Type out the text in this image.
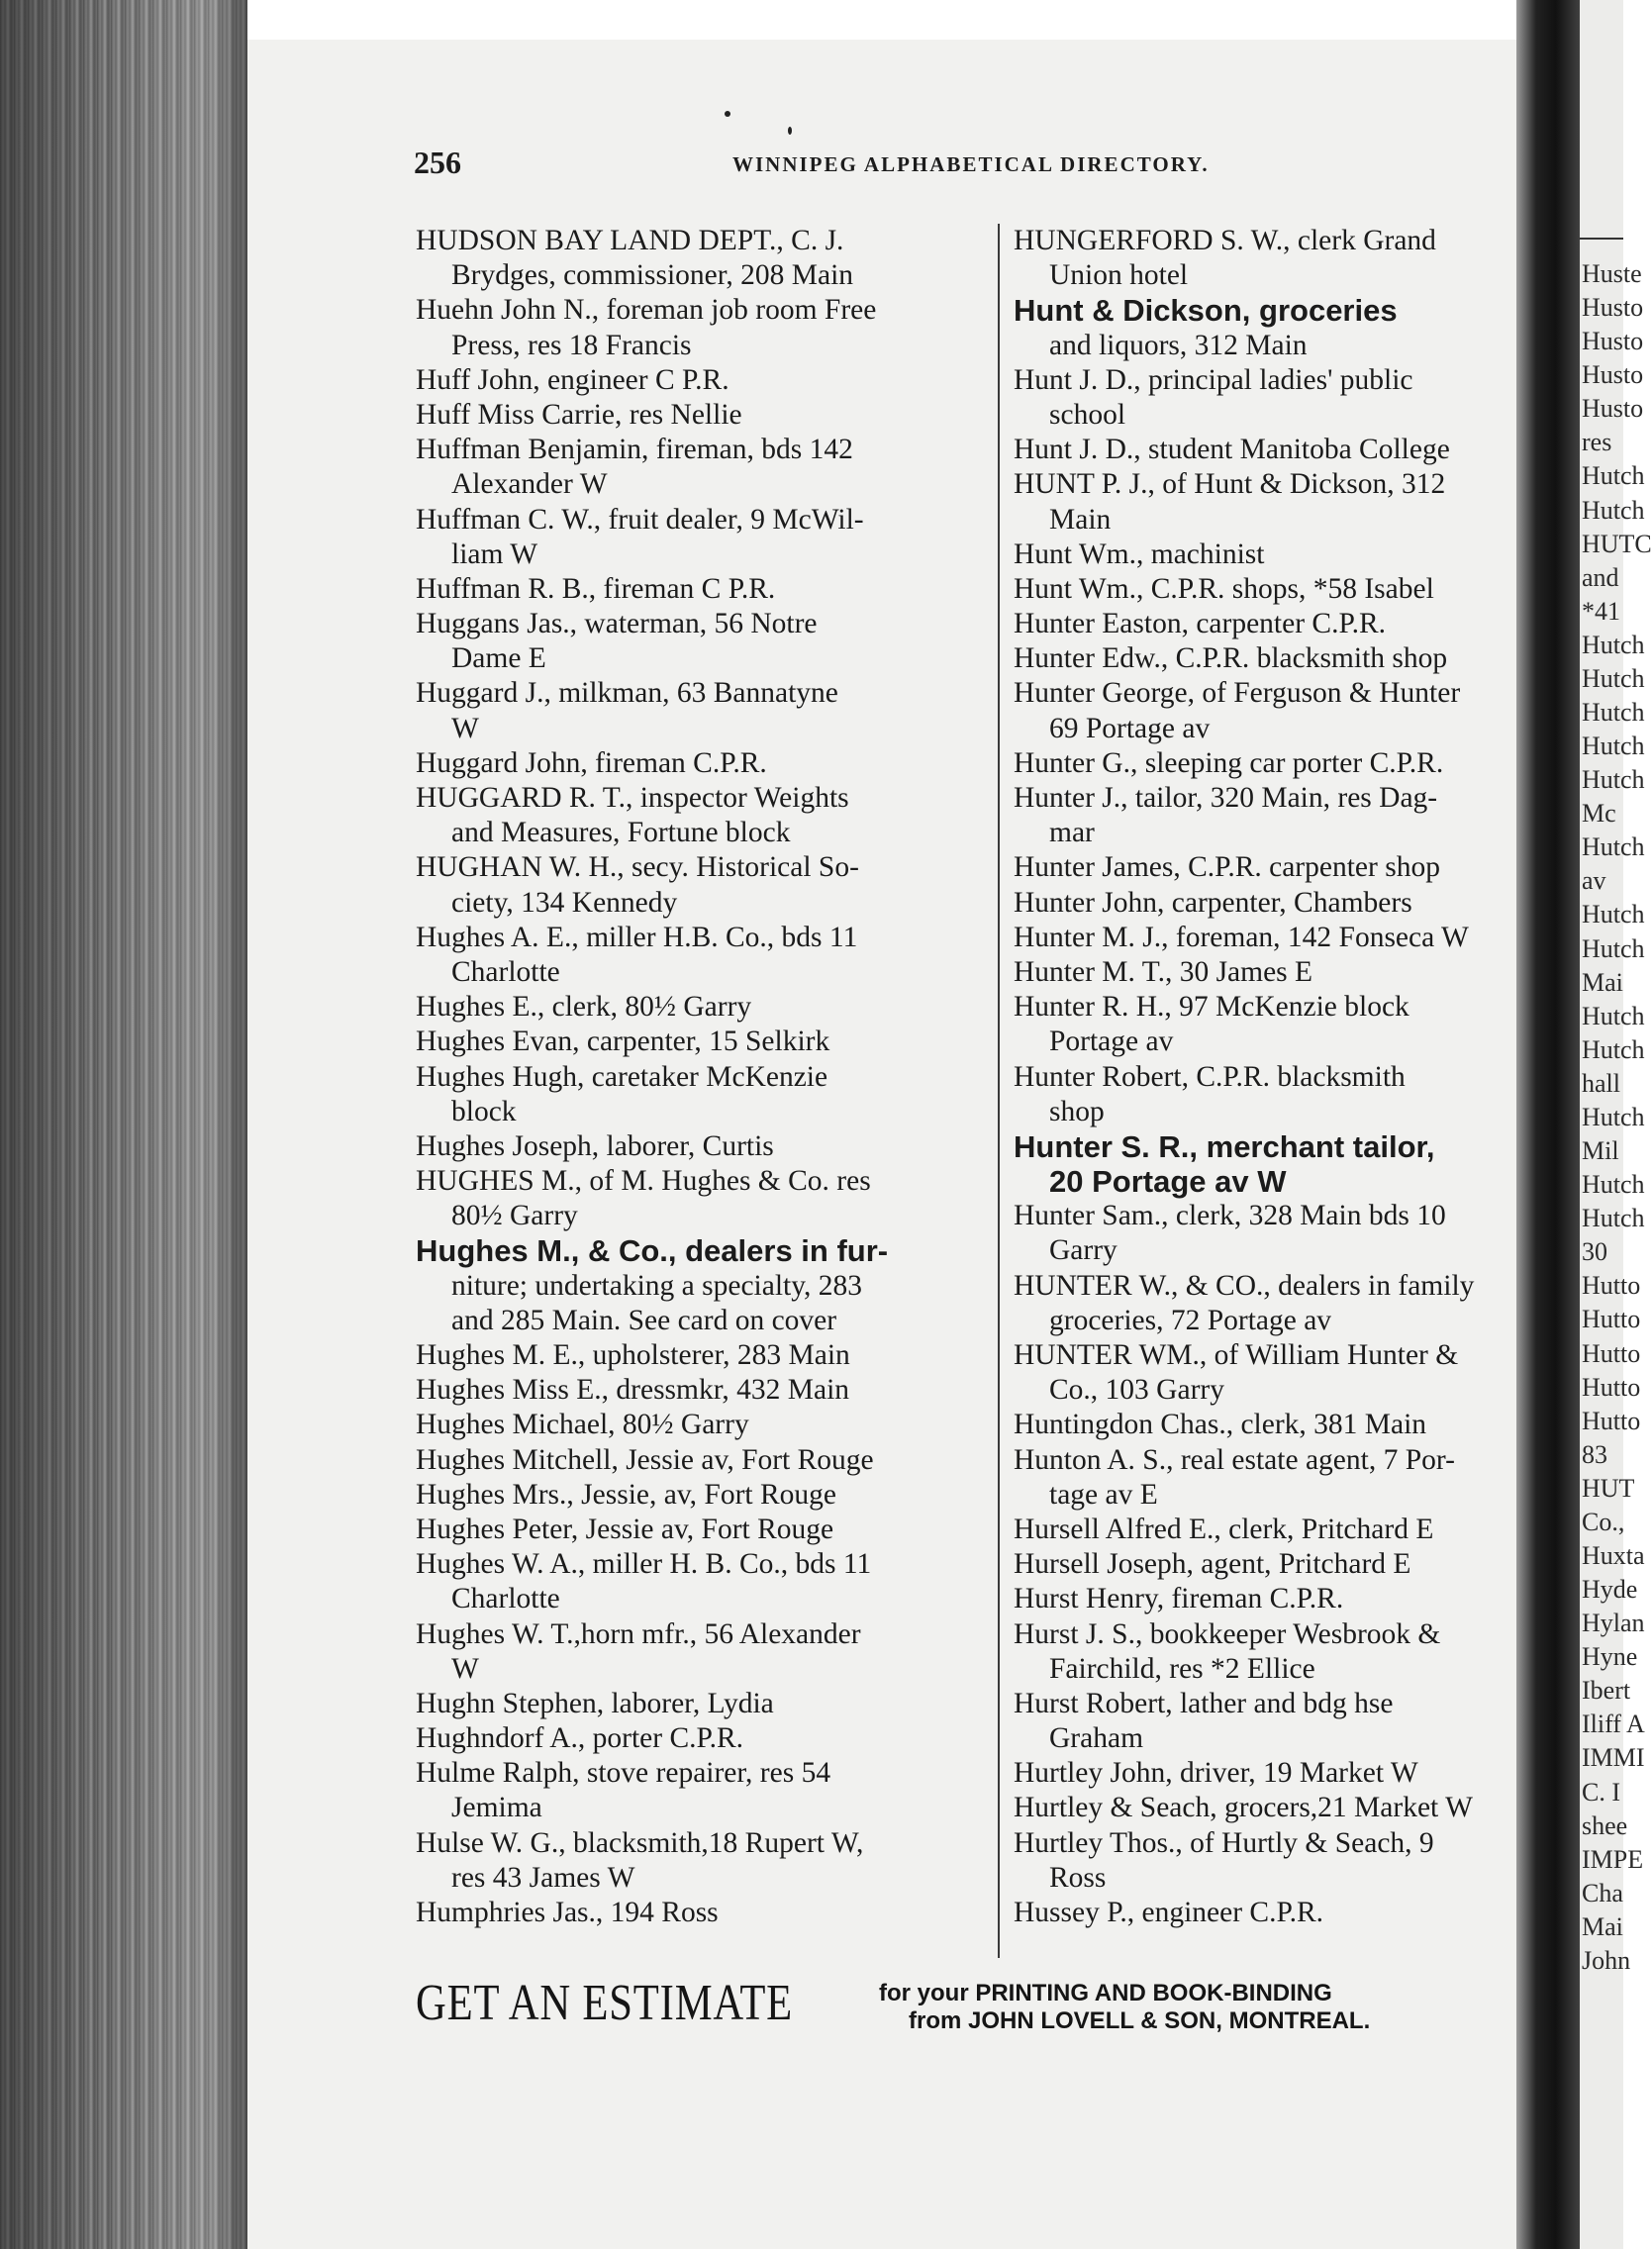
256	WINNIPEG ALPHABETICAL DIRECTORY.
HUDSON BAY LAND DEPT., C. J.
Brydges, commissioner, 208 Main
Huehn John N., foreman job room Free
Press, res 18 Francis
Huff John, engineer C P.R.
Huff Miss Carrie, res Nellie
Huffman Benjamin, fireman, bds 142
Alexander W
Huffman C. W., fruit dealer, 9 McWil-
liam W
Huffman R. B., fireman C P.R.
Huggans Jas., waterman, 56 Notre
Dame E
Huggard J., milkman, 63 Bannatyne
W
Huggard John, fireman C.P.R.
HUGGARD R. T., inspector Weights
and Measures, Fortune block
HUGHAN W. H., secy. Historical So-
ciety, 134 Kennedy
Hughes A. E., miller H.B. Co., bds 11
Charlotte
Hughes E., clerk, 80½ Garry
Hughes Evan, carpenter, 15 Selkirk
Hughes Hugh, caretaker McKenzie
block
Hughes Joseph, laborer, Curtis
HUGHES M., of M. Hughes & Co. res
80½ Garry
Hughes M., & Co., dealers in fur-
niture; undertaking a specialty, 283
and 285 Main. See card on cover
Hughes M. E., upholsterer, 283 Main
Hughes Miss E., dressmkr, 432 Main
Hughes Michael, 80½ Garry
Hughes Mitchell, Jessie av, Fort Rouge
Hughes Mrs., Jessie, av, Fort Rouge
Hughes Peter, Jessie av, Fort Rouge
Hughes W. A., miller H. B. Co., bds 11
Charlotte
Hughes W. T.,horn mfr., 56 Alexander
W
Hughn Stephen, laborer, Lydia
Hughndorf A., porter C.P.R.
Hulme Ralph, stove repairer, res 54
Jemima
Hulse W. G., blacksmith,18 Rupert W,
res 43 James W
Humphries Jas., 194 Ross
HUNGERFORD S. W., clerk Grand
Union hotel
Hunt & Dickson, groceries
and liquors, 312 Main
Hunt J. D., principal ladies' public
school
Hunt J. D., student Manitoba College
HUNT P. J., of Hunt & Dickson, 312
Main
Hunt Wm., machinist
Hunt Wm., C.P.R. shops, *58 Isabel
Hunter Easton, carpenter C.P.R.
Hunter Edw., C.P.R. blacksmith shop
Hunter George, of Ferguson & Hunter
69 Portage av
Hunter G., sleeping car porter C.P.R.
Hunter J., tailor, 320 Main, res Dag-
mar
Hunter James, C.P.R. carpenter shop
Hunter John, carpenter, Chambers
Hunter M. J., foreman, 142 Fonseca W
Hunter M. T., 30 James E
Hunter R. H., 97 McKenzie block
Portage av
Hunter Robert, C.P.R. blacksmith
shop
Hunter S. R., merchant tailor,
20 Portage av W
Hunter Sam., clerk, 328 Main bds 10
Garry
HUNTER W., & CO., dealers in family
groceries, 72 Portage av
HUNTER WM., of William Hunter &
Co., 103 Garry
Huntingdon Chas., clerk, 381 Main
Hunton A. S., real estate agent, 7 Por-
tage av E
Hursell Alfred E., clerk, Pritchard E
Hursell Joseph, agent, Pritchard E
Hurst Henry, fireman C.P.R.
Hurst J. S., bookkeeper Wesbrook &
Fairchild, res *2 Ellice
Hurst Robert, lather and bdg hse
Graham
Hurtley John, driver, 19 Market W
Hurtley & Seach, grocers,21 Market W
Hurtley Thos., of Hurtly & Seach, 9
Ross
Hussey P., engineer C.P.R.
GET AN ESTIMATE	for your PRINTING AND BOOK-BINDING
from JOHN LOVELL & SON, MONTREAL.
Huste
Husto
Husto
Husto
Husto
res
Hutch
Hutch
HUTC
and
*41
Hutch
Hutch
Hutch
Hutch
Hutch
Mc
Hutch
av
Hutch
Hutch
Mai
Hutch
Hutch
hall
Hutch
Mil
Hutch
Hutch
30
Hutto
Hutto
Hutto
Hutto
Hutto
83
HUT
Co.,
Huxta
Hyde
Hylan
Hyne
Ibert
Iliff A
IMMI
C. I
shee
IMPE
Cha
Mai
John
